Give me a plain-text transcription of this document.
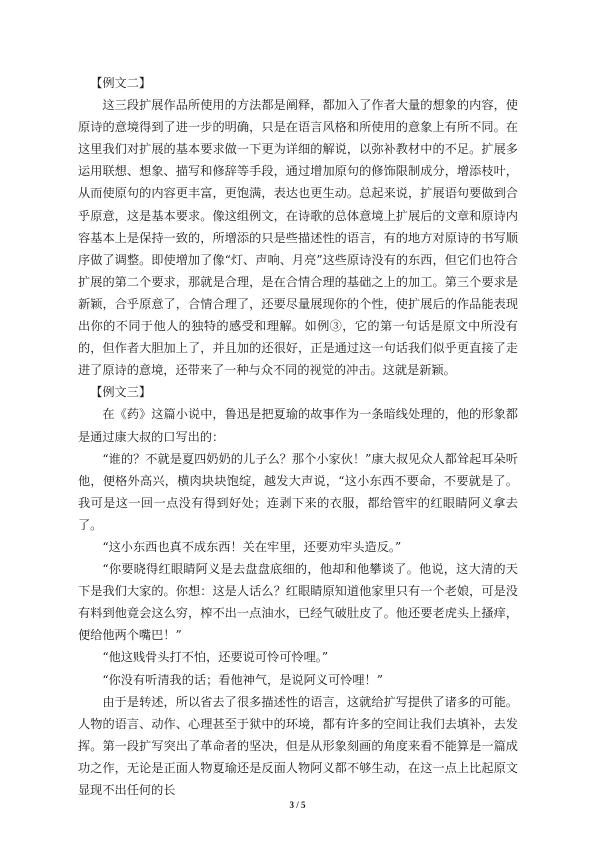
【例文二】

这三段扩展作品所使用的方法都是阐释，都加入了作者大量的想象的内容，使原诗的意境得到了进一步的明确，只是在语言风格和所使用的意象上有所不同。在这里我们对扩展的基本要求做一下更为详细的解说，以弥补教材中的不足。扩展多运用联想、想象、描写和修辞等手段，通过增加原句的修饰限制成分，增添枝叶，从而使原句的内容更丰富，更饱满，表达也更生动。总起来说，扩展语句要做到合乎原意，这是基本要求。像这组例文，在诗歌的总体意境上扩展后的文章和原诗内容基本上是保持一致的，所增添的只是些描述性的语言，有的地方对原诗的书写顺序做了调整。即使增加了像“灯、声响、月亮”这些原诗没有的东西，但它们也符合扩展的第二个要求，那就是合理，是在合情合理的基础之上的加工。第三个要求是新颖，合乎原意了，合情合理了，还要尽量展现你的个性，使扩展后的作品能表现出你的不同于他人的独特的感受和理解。如例③，它的第一句话是原文中所没有的，但作者大胆加上了，并且加的还很好，正是通过这一句话我们似乎更直接了走进了原诗的意境，还带来了一种与众不同的视觉的冲击。这就是新颖。

【例文三】

在《药》这篇小说中，鲁迅是把夏瑜的故事作为一条暗线处理的，他的形象都是通过康大叔的口写出的：

“谁的？不就是夏四奶奶的儿子么？那个小家伙！”康大叔见众人都耸起耳朵听他，便格外高兴，横肉块块饱绽，越发大声说，“这小东西不要命，不要就是了。我可是这一回一点没有得到好处；连剥下来的衣服，都给管牢的红眼睛阿义拿去了。

“这小东西也真不成东西！关在牢里，还要劝牢头造反。”

“你要晓得红眼睛阿义是去盘盘底细的，他却和他攀谈了。他说，这大清的天下是我们大家的。你想：这是人话么？红眼睛原知道他家里只有一个老娘，可是没有料到他竟会这么穷，榨不出一点油水，已经气破肚皮了。他还要老虎头上搔痒，便给他两个嘴巴！”

“他这贱骨头打不怕，还要说可怜可怜哩。”

“你没有听清我的话；看他神气，是说阿义可怜哩！”

由于是转述，所以省去了很多描述性的语言，这就给扩写提供了诸多的可能。人物的语言、动作、心理甚至于狱中的环境，都有许多的空间让我们去填补，去发挥。第一段扩写突出了革命者的坚决，但是从形象刻画的角度来看不能算是一篇成功之作，无论是正面人物夏瑜还是反面人物阿义都不够生动，在这一点上比起原文显现不出任何的长

3 / 5
